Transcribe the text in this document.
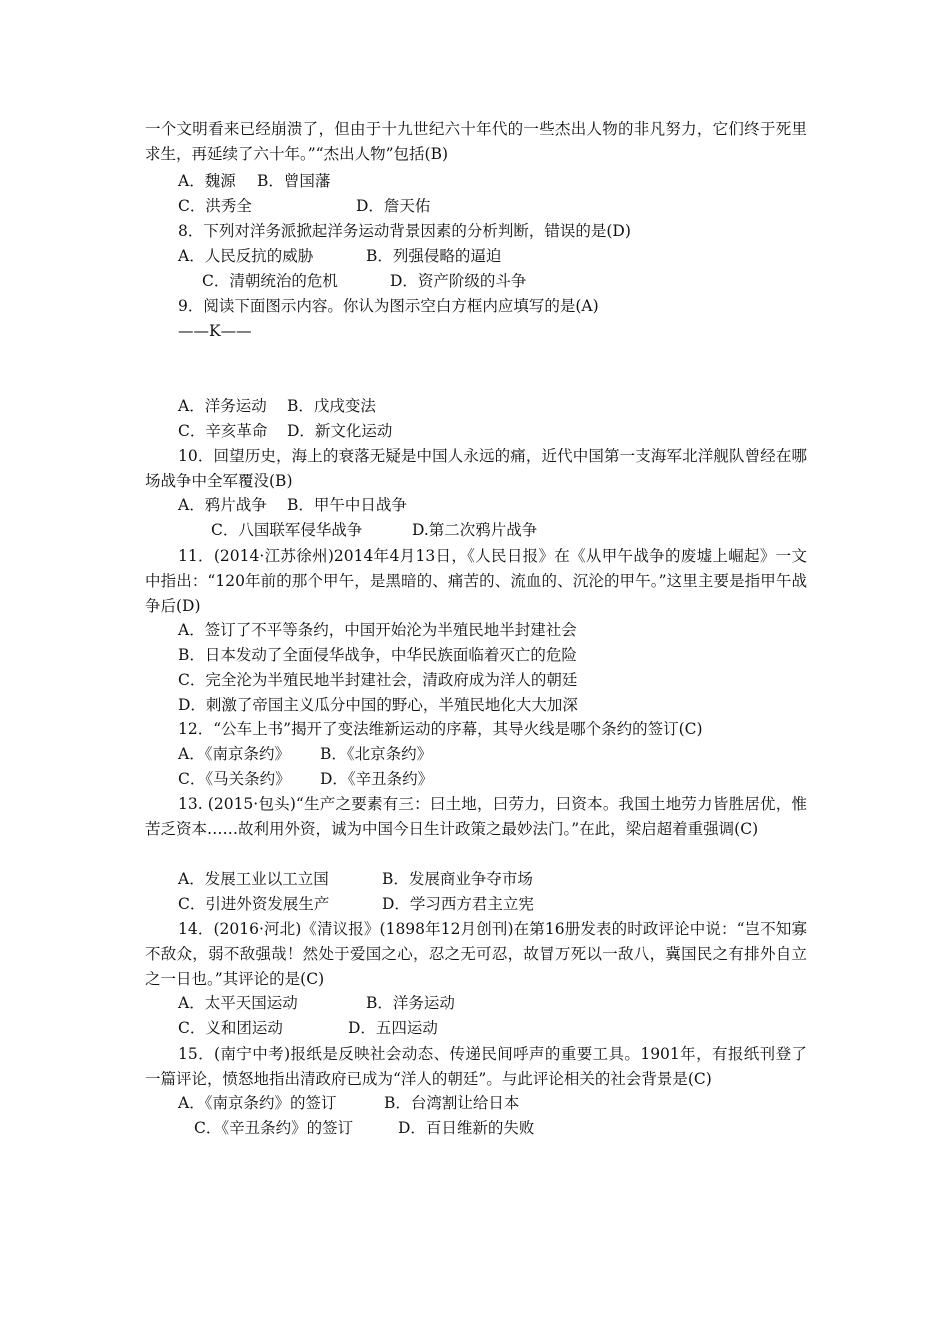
一个文明看来已经崩溃了，但由于十九世纪六十年代的一些杰出人物的非凡努力，它们终于死里求生，再延续了六十年。”“杰出人物”包括(B)
A．魏源 B．曾国藩
C．洪秀全	D．詹天佑
8．下列对洋务派掀起洋务运动背景因素的分析判断，错误的是(D)
A．人民反抗的威胁	B．列强侵略的逼迫
C．清朝统治的危机	D．资产阶级的斗争
9．阅读下面图示内容。你认为图示空白方框内应填写的是(A)
——K——
A．洋务运动 B．戊戌变法
C．辛亥革命 D．新文化运动
10．回望历史，海上的衰落无疑是中国人永远的痛，近代中国第一支海军北洋舰队曾经在哪场战争中全军覆没(B)
A．鸦片战争 B．甲午中日战争
C．八国联军侵华战争	D.第二次鸦片战争
11．(2014·江苏徐州)2014年4月13日，《人民日报》在《从甲午战争的废墟上崛起》一文中指出：“120年前的那个甲午，是黑暗的、痛苦的、流血的、沉沦的甲午。”这里主要是指甲午战争后(D)
A．签订了不平等条约，中国开始沦为半殖民地半封建社会
B．日本发动了全面侵华战争，中华民族面临着灭亡的危险
C．完全沦为半殖民地半封建社会，清政府成为洋人的朝廷
D．刺激了帝国主义瓜分中国的野心，半殖民地化大大加深
12．“公车上书”揭开了变法维新运动的序幕，其导火线是哪个条约的签订(C)
A．《南京条约》 B．《北京条约》
C．《马关条约》 D．《辛丑条约》
13. (2015·包头)“生产之要素有三：曰土地，曰劳力，曰资本。我国土地劳力皆胜居优，惟苦乏资本……故利用外资，诚为中国今日生计政策之最妙法门。”在此，梁启超着重强调(C)
A．发展工业以工立国	B．发展商业争夺市场
C．引进外资发展生产	D．学习西方君主立宪
14．(2016·河北)《清议报》(1898年12月创刊)在第16册发表的时政评论中说：“岂不知寡不敌众，弱不敌强哉！然处于爱国之心，忍之无可忍，故冒万死以一敌八，冀国民之有排外自立之一日也。”其评论的是(C)
A．太平天国运动	B．洋务运动
C．义和团运动	D．五四运动
15．(南宁中考)报纸是反映社会动态、传递民间呼声的重要工具。1901年，有报纸刊登了一篇评论，愤怒地指出清政府已成为“洋人的朝廷”。与此评论相关的社会背景是(C)
A．《南京条约》的签订	B．台湾割让给日本
C．《辛丑条约》的签订	D．百日维新的失败
